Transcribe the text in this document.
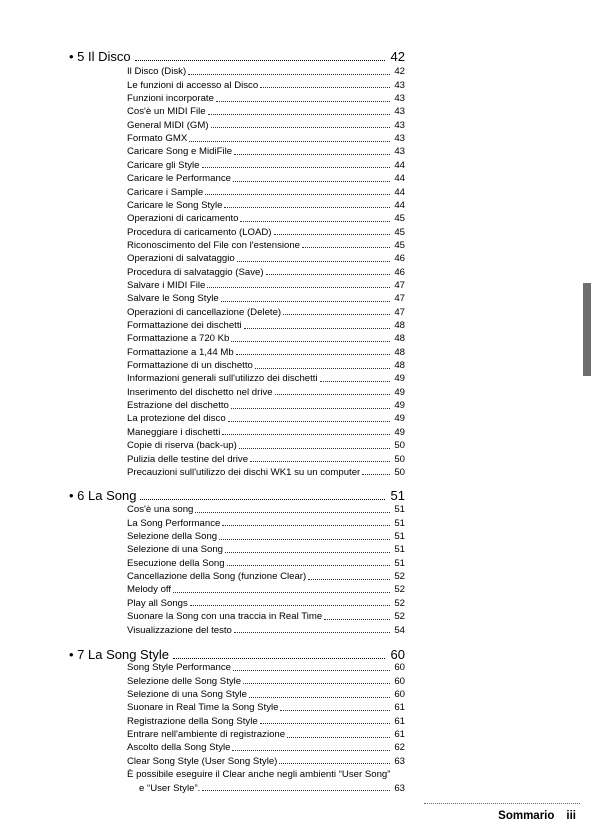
• 5 Il Disco	42
Il Disco (Disk)	42
Le funzioni di accesso al Disco	43
Funzioni incorporate	43
Cos'è un MIDI File	43
General MIDI (GM)	43
Formato GMX	43
Caricare Song e MidiFile	43
Caricare gli Style	44
Caricare le Performance	44
Caricare i Sample	44
Caricare le Song Style	44
Operazioni di caricamento	45
Procedura di caricamento (LOAD)	45
Riconoscimento del File con l'estensione	45
Operazioni di salvataggio	46
Procedura di salvataggio (Save)	46
Salvare i MIDI File	47
Salvare le Song Style	47
Operazioni di cancellazione (Delete)	47
Formattazione dei dischetti	48
Formattazione a 720 Kb	48
Formattazione a 1,44 Mb	48
Formattazione di un dischetto	48
Informazioni generali sull'utilizzo dei dischetti	49
Inserimento del dischetto nel drive	49
Estrazione del dischetto	49
La protezione del disco	49
Maneggiare i dischetti	49
Copie di riserva (back-up)	50
Pulizia delle testine del drive	50
Precauzioni sull'utilizzo dei dischi WK1 su un computer	50
• 6 La Song	51
Cos'è una song	51
La Song Performance	51
Selezione della Song	51
Selezione di una Song	51
Esecuzione della Song	51
Cancellazione della Song (funzione Clear)	52
Melody off	52
Play all Songs	52
Suonare la Song con una traccia in Real Time	52
Visualizzazione del testo	54
• 7 La Song Style	60
Song Style Performance	60
Selezione delle Song Style	60
Selezione di una Song Style	60
Suonare in Real Time la Song Style	61
Registrazione della Song Style	61
Entrare nell'ambiente di registrazione	61
Ascolto della Song Style	62
Clear Song Style (User Song Style)	63
È possibile eseguire il Clear anche negli ambienti “User Song”
e “User Style”.	63
Sommario iii
